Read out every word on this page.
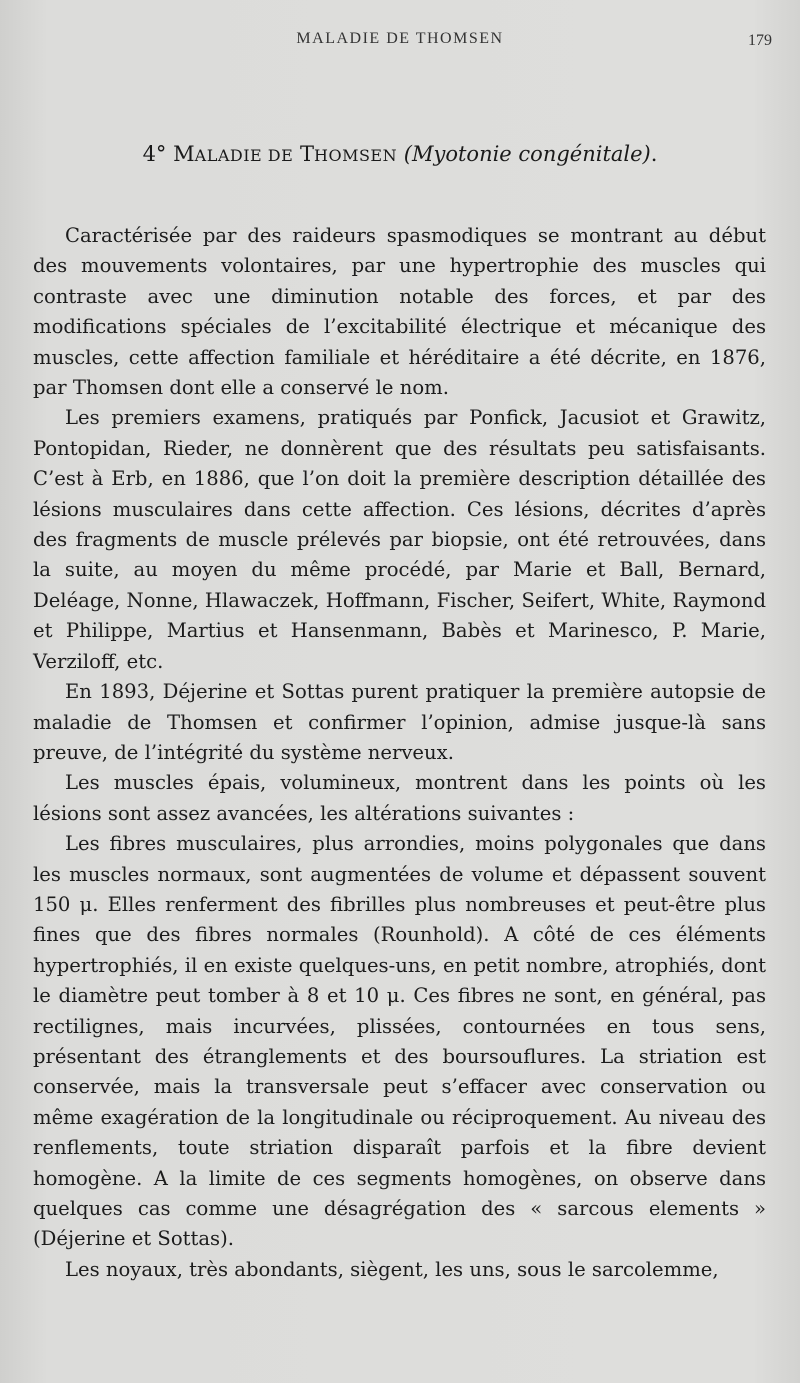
MALADIE DE THOMSEN	179
4° MALADIE DE THOMSEN (Myotonie congénitale).

Caractérisée par des raideurs spasmodiques se montrant au début des mouvements volontaires, par une hypertrophie des muscles qui contraste avec une diminution notable des forces, et par des modifications spéciales de l’excitabilité électrique et mécanique des muscles, cette affection familiale et héréditaire a été décrite, en 1876, par Thomsen dont elle a conservé le nom.

Les premiers examens, pratiqués par Ponfick, Jacusiot et Grawitz, Pontopidan, Rieder, ne donnèrent que des résultats peu satisfaisants. C’est à Erb, en 1886, que l’on doit la première description détaillée des lésions musculaires dans cette affection. Ces lésions, décrites d’après des fragments de muscle prélevés par biopsie, ont été retrouvées, dans la suite, au moyen du même procédé, par Marie et Ball, Bernard, Deléage, Nonne, Hlawaczek, Hoffmann, Fischer, Seifert, White, Raymond et Philippe, Martius et Hansenmann, Babès et Marinesco, P. Marie, Verziloff, etc.

En 1893, Déjerine et Sottas purent pratiquer la première autopsie de maladie de Thomsen et confirmer l’opinion, admise jusque-là sans preuve, de l’intégrité du système nerveux.

Les muscles épais, volumineux, montrent dans les points où les lésions sont assez avancées, les altérations suivantes :

Les fibres musculaires, plus arrondies, moins polygonales que dans les muscles normaux, sont augmentées de volume et dépassent souvent 150 μ. Elles renferment des fibrilles plus nombreuses et peut-être plus fines que des fibres normales (Rounhold). A côté de ces éléments hypertrophiés, il en existe quelques-uns, en petit nombre, atrophiés, dont le diamètre peut tomber à 8 et 10 μ. Ces fibres ne sont, en général, pas rectilignes, mais incurvées, plissées, contournées en tous sens, présentant des étranglements et des boursouflures. La striation est conservée, mais la transversale peut s’effacer avec conservation ou même exagération de la longitudinale ou réciproquement. Au niveau des renflements, toute striation disparaît parfois et la fibre devient homogène. A la limite de ces segments homogènes, on observe dans quelques cas comme une désagrégation des « sarcous elements » (Déjerine et Sottas).

Les noyaux, très abondants, siègent, les uns, sous le sarcolemme,
